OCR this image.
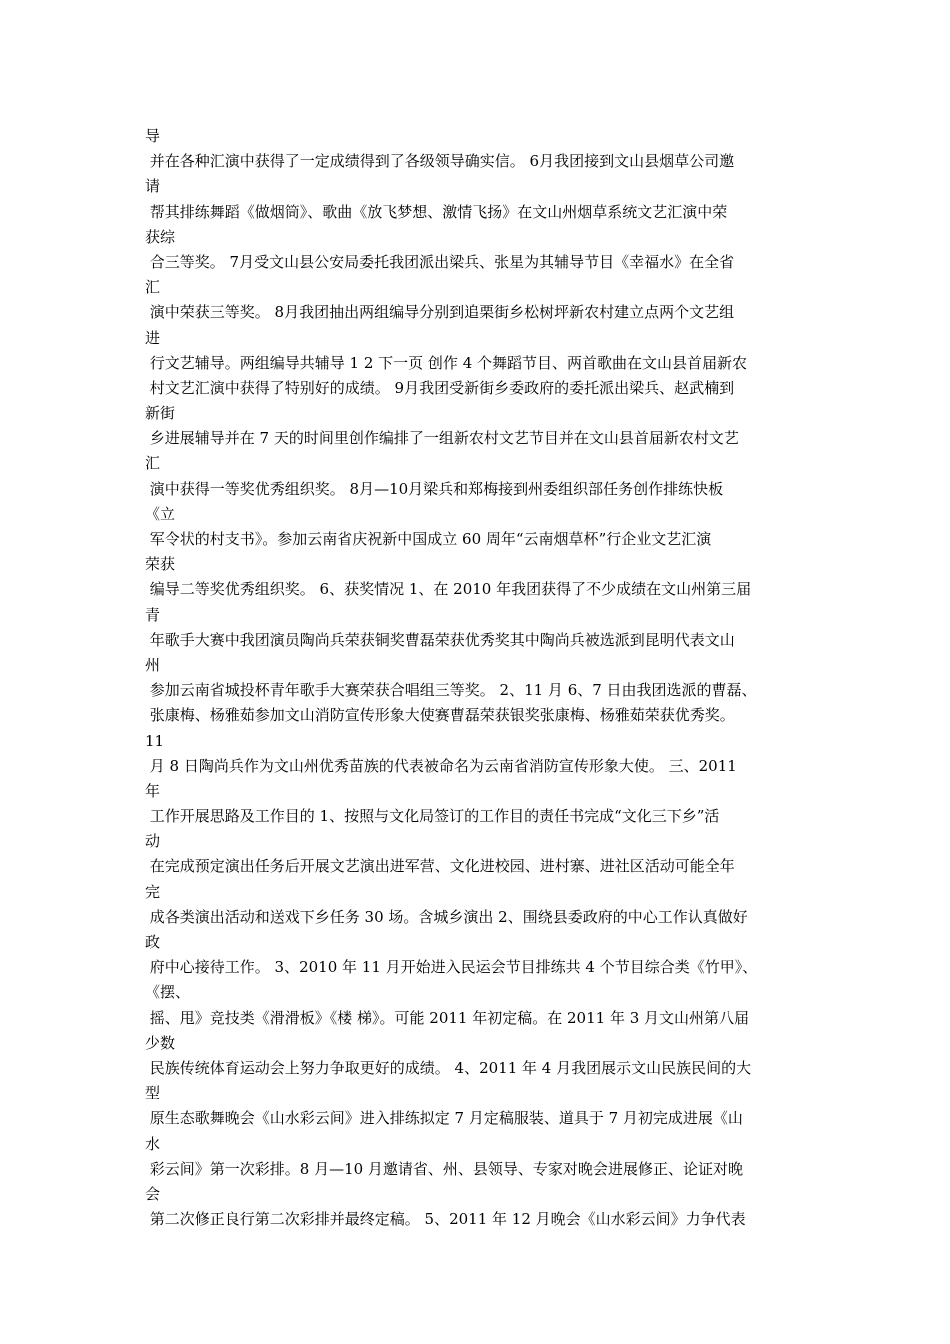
导
并在各种汇演中获得了一定成绩得到了各级领导确实信。 6月我团接到文山县烟草公司邀
请
帮其排练舞蹈《做烟筒》、歌曲《放飞梦想、激情飞扬》在文山州烟草系统文艺汇演中荣
获综
合三等奖。 7月受文山县公安局委托我团派出梁兵、张星为其辅导节目《幸福水》在全省
汇
演中荣获三等奖。 8月我团抽出两组编导分别到追栗街乡松树坪新农村建立点两个文艺组
进
行文艺辅导。两组编导共辅导 1 2 下一页 创作 4 个舞蹈节目、两首歌曲在文山县首届新农
村文艺汇演中获得了特别好的成绩。 9月我团受新街乡委政府的委托派出梁兵、赵武楠到
新街
乡进展辅导并在 7 天的时间里创作编排了一组新农村文艺节目并在文山县首届新农村文艺
汇
演中获得一等奖优秀组织奖。 8月—10月梁兵和郑梅接到州委组织部任务创作排练快板
《立
军令状的村支书》。参加云南省庆祝新中国成立 60 周年“云南烟草杯”行企业文艺汇演
荣获
编导二等奖优秀组织奖。 6、获奖情况 1、在 2010 年我团获得了不少成绩在文山州第三届
青
年歌手大赛中我团演员陶尚兵荣获铜奖曹磊荣获优秀奖其中陶尚兵被选派到昆明代表文山
州
参加云南省城投杯青年歌手大赛荣获合唱组三等奖。 2、11 月 6、7 日由我团选派的曹磊、
张康梅、杨雅茹参加文山消防宣传形象大使赛曹磊荣获银奖张康梅、杨雅茹荣获优秀奖。
11
月 8 日陶尚兵作为文山州优秀苗族的代表被命名为云南省消防宣传形象大使。 三、2011
年
工作开展思路及工作目的 1、按照与文化局签订的工作目的责任书完成“文化三下乡”活
动
在完成预定演出任务后开展文艺演出进军营、文化进校园、进村寨、进社区活动可能全年
完
成各类演出活动和送戏下乡任务 30 场。含城乡演出 2、围绕县委政府的中心工作认真做好
政
府中心接待工作。 3、2010 年 11 月开始进入民运会节目排练共 4 个节目综合类《竹甲》、
《摆、
摇、甩》竞技类《滑滑板》《楼 梯》。可能 2011 年初定稿。在 2011 年 3 月文山州第八届
少数
民族传统体育运动会上努力争取更好的成绩。 4、2011 年 4 月我团展示文山民族民间的大
型
原生态歌舞晚会《山水彩云间》进入排练拟定 7 月定稿服装、道具于 7 月初完成进展《山
水
彩云间》第一次彩排。8 月—10 月邀请省、州、县领导、专家对晚会进展修正、论证对晚
会
第二次修正良行第二次彩排并最终定稿。 5、2011 年 12 月晚会《山水彩云间》力争代表
